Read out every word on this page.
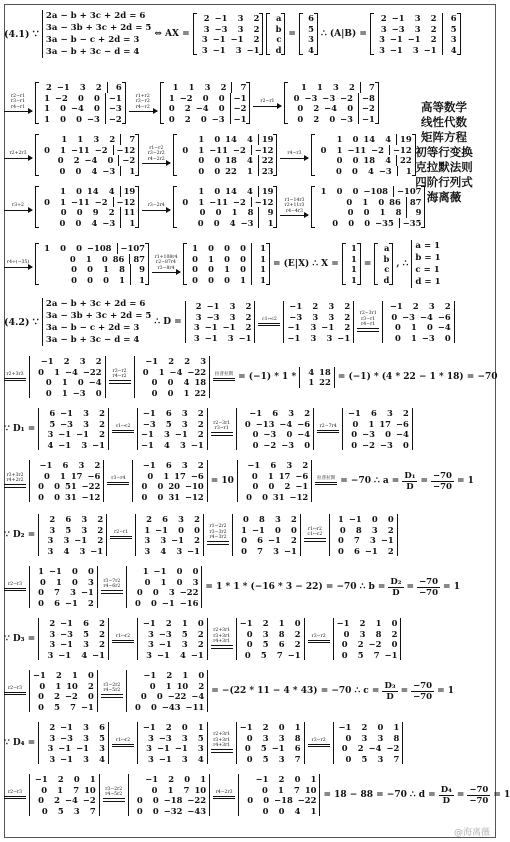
高等数学
线性代数
矩阵方程
初等行变换
克拉默法则
四阶行列式
海离薇
(4.1) ∵
2a − b + 3c + 2d = 6
3a − 3b + 3c + 2d = 5
3a − b − c + 2d = 3
3a − b + 3c − d = 4
⇔ AX =
2 −1	3	2
3 −3	3	2
3 −1 −1	2
3 −1	3 −1
a
b
c
d
=
6
5
3
4
∴ (A|B) =
2 −1	3	2	6
3 −3	3	2	5
3 −1 −1	2	3
3 −1	3 −1	4
r2−r1
r3−r1
r4−r1
2 −1	3	2	6
1 −2	0	0	−1
1	0 −4	0	−3
1	0	0 −3	−2
r1+r2
r3−r2
r4−r2
1	1	3	2	7
1 −2	0	0	−1
0	2 −4	0	−2
0	2	0 −3	−1
r2−r1
1	1	3	2	7
0 −3 −3 −2	−8
0	2 −4	0	−2
0	2	0 −3	−1
r2+2r3
1	1	3	2	7
0	1 −11 −2	−12
0	2 −4	0	−2
0	0	4 −3	1
r1−r2
r3−2r2
r4−2r2
1	0 14	4	19
0	1 −11 −2	−12
0	0 18	4	22
0	0 22	1	23
r4−r3
1	0 14	4	19
0	1 −11 −2	−12
0	0 18	4	22
0	0	4 −3	1
r3÷2
1	0 14	4	19
0	1 −11 −2	−12
0	0	9	2	11
0	0	4 −3	1
r3−2r4
1	0 14	4	19
0	1 −11 −2	−12
0	0	1	8	9
0	0	4 −3	1
r1−14r3
r2+11r3
r4−4r3
1	0	0 −108	−107
0	1	0 86	87
0	0	1	8	9
0	0	0 −35	−35
r4÷(−35)
1	0	0 −108	−107
0	1	0 86	87
0	0	1	8	9
0	0	0	1	1
r1+108r4
r2−87r4
r3−8r4
1	0	0	0	1
0	1	0	0	1
0	0	1	0	1
0	0	0	1	1
= (E|X) ∴ X =
1
1
1
1
=
a
b
c
d
, ∴
a = 1
b = 1
c = 1
d = 1
(4.2) ∵
2a − b + 3c + 2d = 6
3a − 3b + 3c + 2d = 5
3a − b − c + 2d = 3
3a − b + 3c − d = 4
∴ D =
2 −1	3	2
3 −3	3	2
3 −1 −1	2
3 −1	3 −1
c1↔c2
−1	2	3	2
−3	3	3	2
−1	3 −1	2
−1	3	3 −1
r2−3r1
r3−r1
r4−r1
−1	2	3	2
0 −3 −4 −6
0	1	0 −4
0	1 −3	0
r2+3r3
−1	2	3	2
0	1 −4 −22
0	1	0 −4
0	1 −3	0
r3−r2
r4−r2
−1	2	2	3
0	1 −4 −22
0	0	4 18
0	0	1 22
拉普拉斯 = (−1) * 1 *
4 18
1 22 = (−1) * (4 * 22 − 1 * 18) = −70
∵ D₁ =
6 −1	3	2
5 −3	3	2
3 −1 −1	2
4 −1	3 −1
c1↔c2
−1	6	3	2
−3	5	3	2
−1	3 −1	2
−1	4	3 −1
r2−3r1
r3−r1
−1	6	3	2
0 −13 −4 −6
0 −3	0 −4
0 −2 −3	0
r2−7r4
−1	6	3	2
0	1 17 −6
0 −3	0 −4
0 −2 −3	0
r3+3r2
r4+2r2
−1	6	3	2
0	1 17 −6
0	0 51 −22
0	0 31 −12
r3−r4
−1	6	3	2
0	1 17 −6
0	0 20 −10
0	0 31 −12
= 10
−1	6	3	2
0	1 17 −6
0	0	2 −1
0	0 31 −12
拉普拉斯 = −70 ∴ $a = \frac{\text{D₁}}{D} = \frac{-70}{-70} = 1$
∵ D₂ =
2	6	3	2
3	5	3	2
3	3 −1	2
3	4	3 −1
r2−r1
2	6	3	2
1 −1	0	0
3	3 −1	2
3	4	3 −1
r1−2r2
r3−3r2
r4−3r2
0	8	3	2
1 −1	0	0
0	6 −1	2
0	7	3 −1
r1↔r2
c1↔c2
1 −1	0	0
0	8	3	2
0	7	3 −1
0	6 −1	2
r2−r3
1 −1	0	0
0	1	0	3
0	7	3 −1
0	6 −1	2
r3−7r2
r4−6r2
1 −1	0	0
0	1	0	3
0	0	3 −22
0	0 −1 −16
= 1 * 1 * (−16 * 3 − 22) = −70 ∴ $b = \frac{\text{D₂}}{D} = \frac{-70}{-70} = 1$
∵ D₃ =
2 −1	6	2
3 −3	5	2
3 −1	3	2
3 −1	4 −1
r1↔r2
−1	2	1	0
3 −3	5	2
3 −1	3	2
3 −1	4 −1
r2+3r1
r3+3r1
r4+3r1
−1	2	1	0
0	3	8	2
0	5	6	2
0	5	7 −1
r3−r2
−1	2	1	0
0	3	8	2
0	2 −2	0
0	5	7 −1
r2−r3
−1	2	1	0
0	1 10	2
0	2 −2	0
0	5	7 −1
r3−2r2
r4−5r2
−1	2	1	0
0	1 10	2
0	0 −22 −4
0	0 −43 −11
= −(22 * 11 − 4 * 43) = −70 ∴ $c = \frac{\text{D₃}}{D} = \frac{-70}{-70} = 1$
∵ D₄ =
2 −1	3	6
3 −3	3	5
3 −1 −1	3
3 −1	3	4
r1↔r2
−1	2	0	1
3 −3	3	5
3 −1 −1	3
3 −1	3	4
r2+3r1
r3+3r1
r4+3r1
−1	2	0	1
0	3	3	8
0	5 −1	6
0	5	3	7
r3−r2
−1	2	0	1
0	3	3	8
0	2 −4 −2
0	5	3	7
r2−r3
−1	2	0	1
0	1	7 10
0	2 −4 −2
0	5	3	7
r3−2r2
r4−5r2
−1	2	0	1
0	1	7 10
0	0 −18 −22
0	0 −32 −43
r4−2r3
−1	2	0	1
0	1	7 10
0	0 −18 −22
0	0	4	1
= 18 − 88 = −70 ∴ $d = \frac{\text{D₄}}{D} = \frac{-70}{-70} = 1$
@海离薇
